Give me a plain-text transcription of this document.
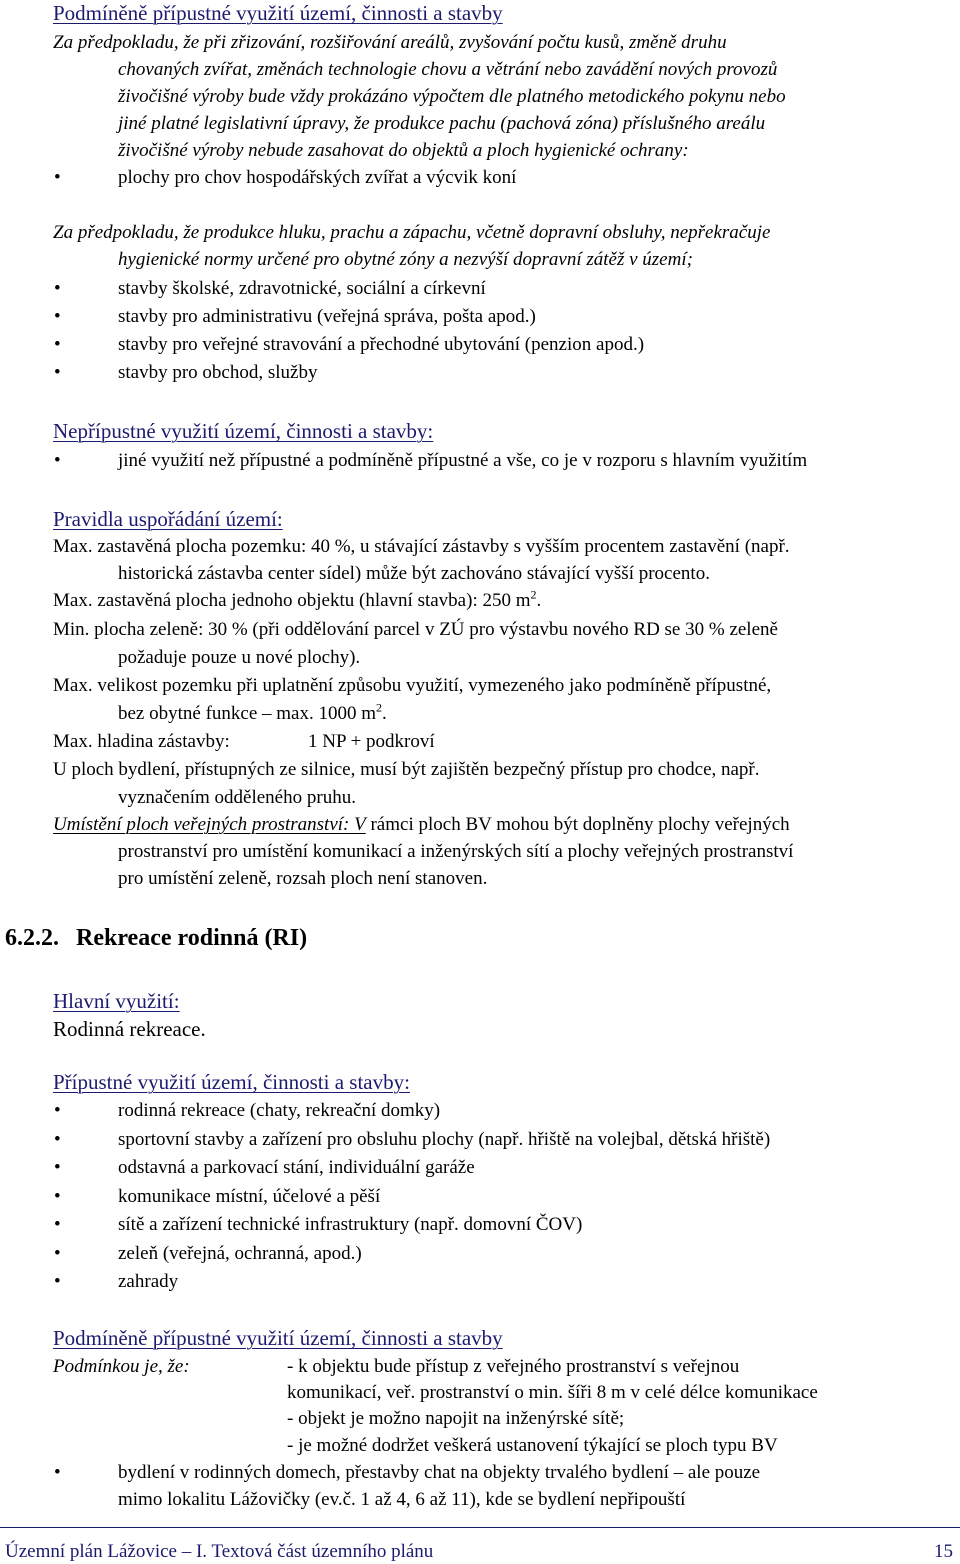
Podmíněně přípustné využití území, činnosti a stavby
Za předpokladu, že při zřizování, rozšiřování areálů, zvyšování počtu kusů, změně druhu
chovaných zvířat, změnách technologie chovu a větrání nebo zavádění nových provozů
živočišné výroby bude vždy prokázáno výpočtem dle platného metodického pokynu nebo
jiné platné legislativní úpravy, že produkce pachu (pachová zóna) příslušného areálu
živočišné výroby nebude zasahovat do objektů a ploch hygienické ochrany:
•	plochy pro chov hospodářských zvířat a výcvik koní
Za předpokladu, že produkce hluku, prachu a zápachu, včetně dopravní obsluhy, nepřekračuje
hygienické normy určené pro obytné zóny a nezvýší dopravní zátěž v území;
•	stavby školské, zdravotnické, sociální a církevní
•	stavby pro administrativu (veřejná správa, pošta apod.)
•	stavby pro veřejné stravování a přechodné ubytování (penzion apod.)
•	stavby pro obchod, služby
Nepřípustné využití území, činnosti a stavby:
•	jiné využití než přípustné a podmíněně přípustné a vše, co je v rozporu s hlavním využitím
Pravidla uspořádání území:
Max. zastavěná plocha pozemku: 40 %, u stávající zástavby s vyšším procentem zastavění (např.
historická zástavba center sídel) může být zachováno stávající vyšší procento.
Max. zastavěná plocha jednoho objektu (hlavní stavba): 250 $m^2$.
Min. plocha zeleně: 30 % (při oddělování parcel v ZÚ pro výstavbu nového RD se 30 % zeleně
požaduje pouze u nové plochy).
Max. velikost pozemku při uplatnění způsobu využití, vymezeného jako podmíněně přípustné,
bez obytné funkce – max. 1000 $m^2$.
Max. hladina zástavby:	1 NP + podkroví
U ploch bydlení, přístupných ze silnice, musí být zajištěn bezpečný přístup pro chodce, např.
vyznačením odděleného pruhu.
Umístění ploch veřejných prostranství: V rámci ploch BV mohou být doplněny plochy veřejných
prostranství pro umístění komunikací a inženýrských sítí a plochy veřejných prostranství
pro umístění zeleně, rozsah ploch není stanoven.
6.2.2. Rekreace rodinná (RI)
Hlavní využití:
Rodinná rekreace.
Přípustné využití území, činnosti a stavby:
•	rodinná rekreace (chaty, rekreační domky)
•	sportovní stavby a zařízení pro obsluhu plochy (např. hřiště na volejbal, dětská hřiště)
•	odstavná a parkovací stání, individuální garáže
•	komunikace místní, účelové a pěší
•	sítě a zařízení technické infrastruktury (např. domovní ČOV)
•	zeleň (veřejná, ochranná, apod.)
•	zahrady
Podmíněně přípustné využití území, činnosti a stavby
Podmínkou je, že:	- k objektu bude přístup z veřejného prostranství s veřejnou
komunikací, veř. prostranství o min. šíři 8 m v celé délce komunikace
- objekt je možno napojit na inženýrské sítě;
- je možné dodržet veškerá ustanovení týkající se ploch typu BV
•	bydlení v rodinných domech, přestavby chat na objekty trvalého bydlení – ale pouze
mimo lokalitu Lážovičky (ev.č. 1 až 4, 6 až 11), kde se bydlení nepřipouští
Územní plán Lážovice – I. Textová část územního plánu	15
